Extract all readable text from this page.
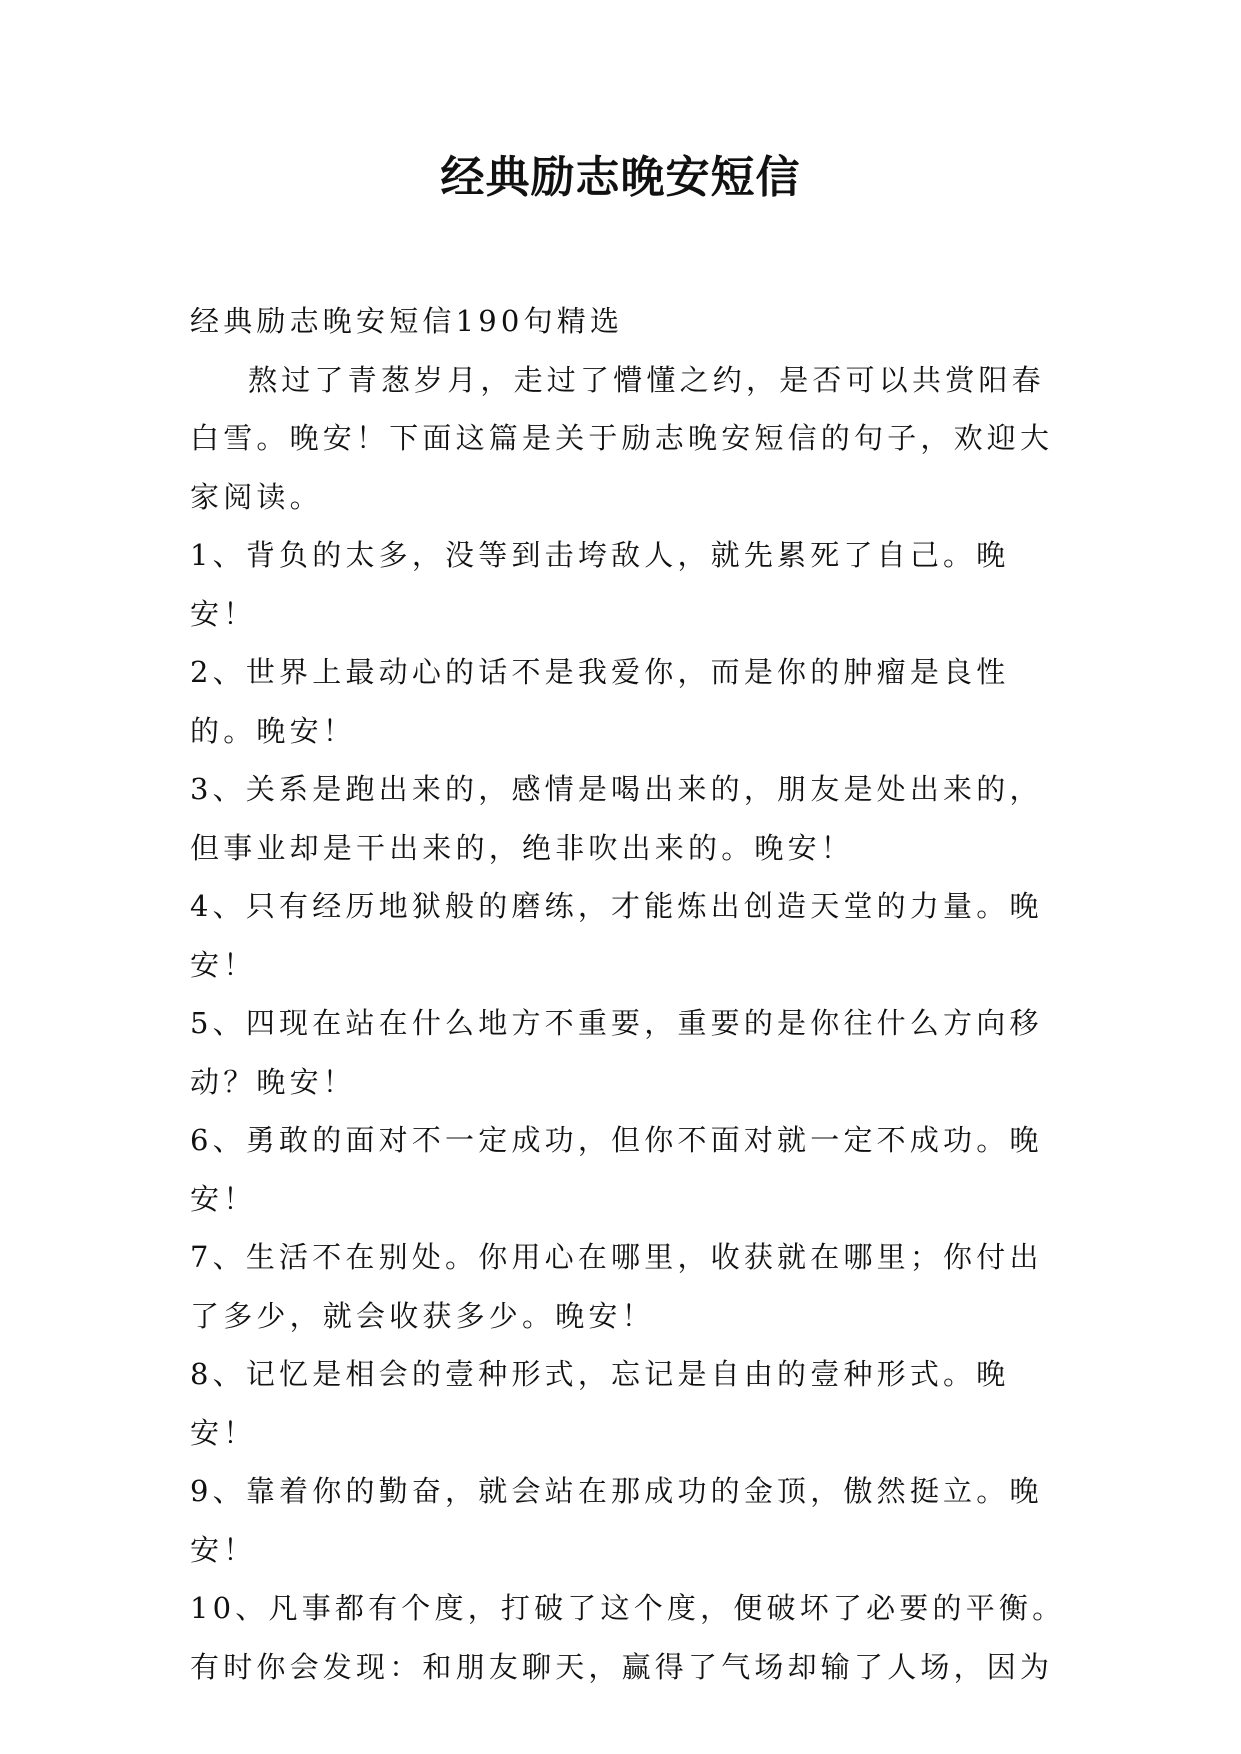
经典励志晚安短信

经典励志晚安短信190句精选

熬过了青葱岁月，走过了懵懂之约，是否可以共赏阳春白雪。晚安！下面这篇是关于励志晚安短信的句子，欢迎大家阅读。

1、背负的太多，没等到击垮敌人，就先累死了自己。晚安！

2、世界上最动心的话不是我爱你，而是你的肿瘤是良性的。晚安！

3、关系是跑出来的，感情是喝出来的，朋友是处出来的，但事业却是干出来的，绝非吹出来的。晚安！

4、只有经历地狱般的磨练，才能炼出创造天堂的力量。晚安！

5、四现在站在什么地方不重要，重要的是你往什么方向移动？晚安！

6、勇敢的面对不一定成功，但你不面对就一定不成功。晚安！

7、生活不在别处。你用心在哪里，收获就在哪里；你付出了多少，就会收获多少。晚安！

8、记忆是相会的壹种形式，忘记是自由的壹种形式。晚安！

9、靠着你的勤奋，就会站在那成功的金顶，傲然挺立。晚安！

10、凡事都有个度，打破了这个度，便破坏了必要的平衡。有时你会发现：和朋友聊天，赢得了气场却输了人场，因为
